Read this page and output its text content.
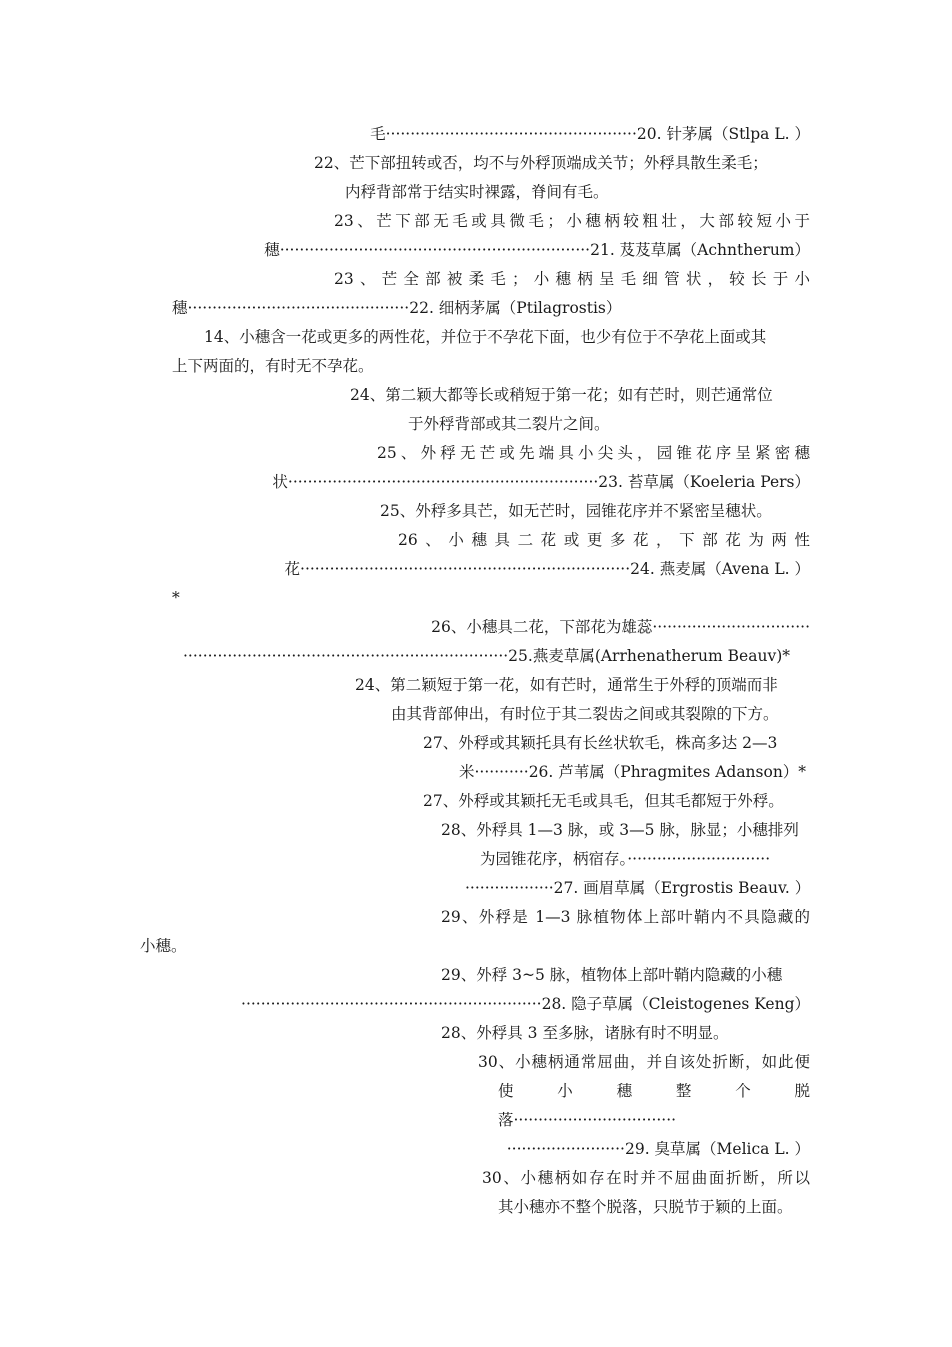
毛···················································20. 针茅属（Stlpa L. ）
22、芒下部扭转或否，均不与外稃顶端成关节；外稃具散生柔毛；
内稃背部常于结实时裸露，脊间有毛。
23、芒下部无毛或具微毛；小穗柄较粗壮，大部较短小于
穗·······························································21. 芨芨草属（Achntherum）
23、芒全部被柔毛；小穗柄呈毛细管状，较长于小
穗·············································22. 细柄茅属（Ptilagrostis）
14、小穗含一花或更多的两性花，并位于不孕花下面，也少有位于不孕花上面或其
上下两面的，有时无不孕花。
24、第二颖大都等长或稍短于第一花；如有芒时，则芒通常位
于外稃背部或其二裂片之间。
25、外稃无芒或先端具小尖头，园锥花序呈紧密穗
状·······························································23. 苔草属（Koeleria Pers）
25、外稃多具芒，如无芒时，园锥花序并不紧密呈穗状。
26、小穗具二花或更多花，下部花为两性
花···································································24. 燕麦属（Avena L. ）
*
26、小穗具二花，下部花为雄蕊································
··································································25.燕麦草属(Arrhenatherum Beauv)*
24、第二颖短于第一花，如有芒时，通常生于外稃的顶端而非
由其背部伸出，有时位于其二裂齿之间或其裂隙的下方。
27、外稃或其颖托具有长丝状软毛，株高多达 2—3
米···········26. 芦苇属（Phragmites Adanson）*
27、外稃或其颖托无毛或具毛，但其毛都短于外稃。
28、外稃具 1—3 脉，或 3—5 脉，脉显；小穗排列
为园锥花序，柄宿存。·····························
··················27. 画眉草属（Ergrostis Beauv. ）
29、外稃是 1—3 脉植物体上部叶鞘内不具隐藏的
小穗。
29、外稃 3~5 脉，植物体上部叶鞘内隐藏的小穗
·····························································28. 隐子草属（Cleistogenes Keng）
28、外稃具 3 至多脉，诸脉有时不明显。
30、小穗柄通常屈曲，并自该处折断，如此便
使　　小　　穗　　整　　个　　脱
落·································
························29. 臭草属（Melica L. ）
30、小穗柄如存在时并不屈曲面折断，所以
其小穗亦不整个脱落，只脱节于颖的上面。
